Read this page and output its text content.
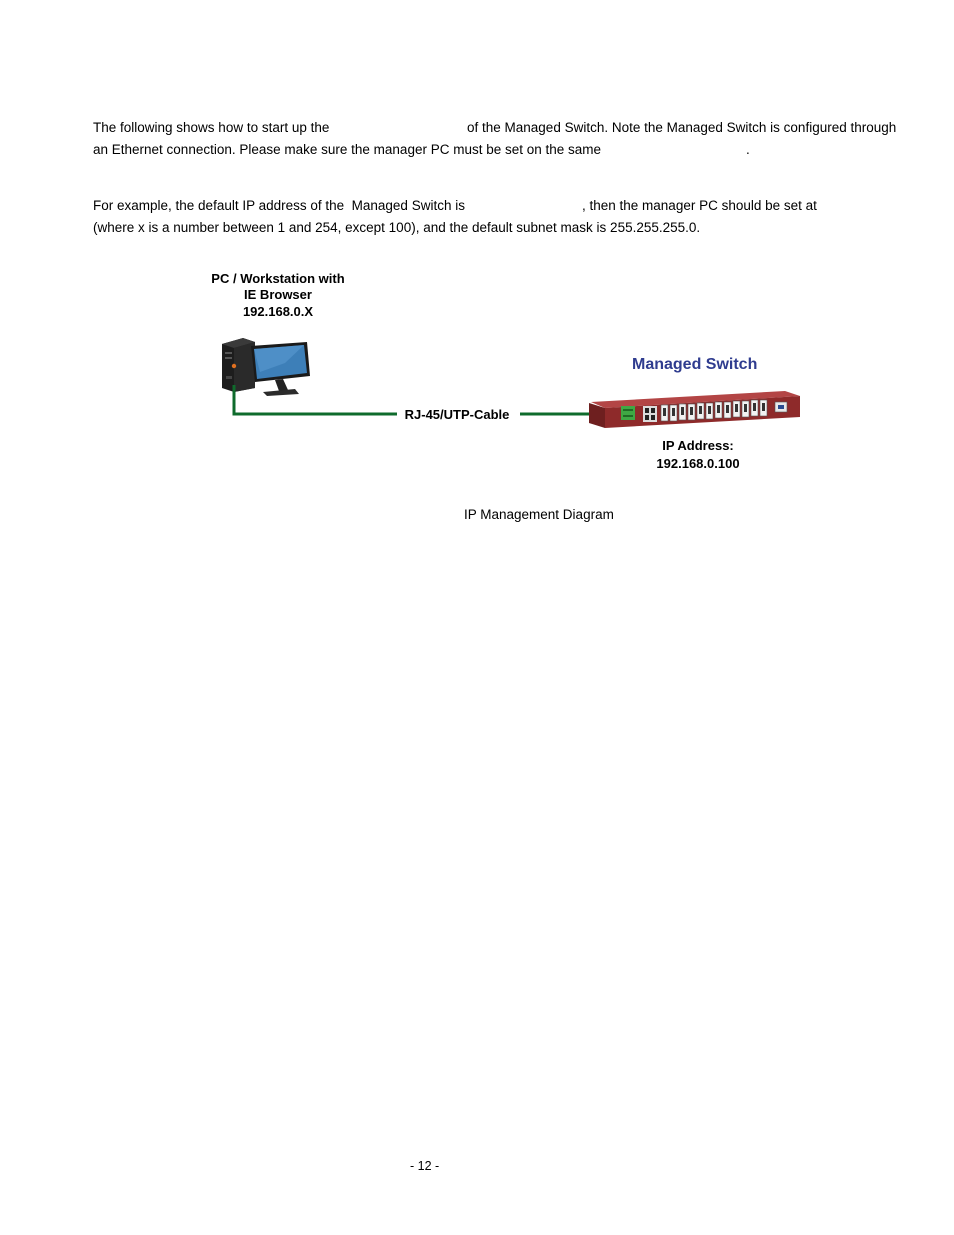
The following shows how to start up the	of the Managed Switch. Note the Managed Switch is configured through
an Ethernet connection. Please make sure the manager PC must be set on the same	.
For example, the default IP address of the  Managed Switch is	, then the manager PC should be set at
(where x is a number between 1 and 254, except 100), and the default subnet mask is 255.255.255.0.
PC / Workstation with
IE Browser
192.168.0.X
Managed Switch
RJ-45/UTP-Cable
IP Address:
192.168.0.100
IP Management Diagram
- 12 -
